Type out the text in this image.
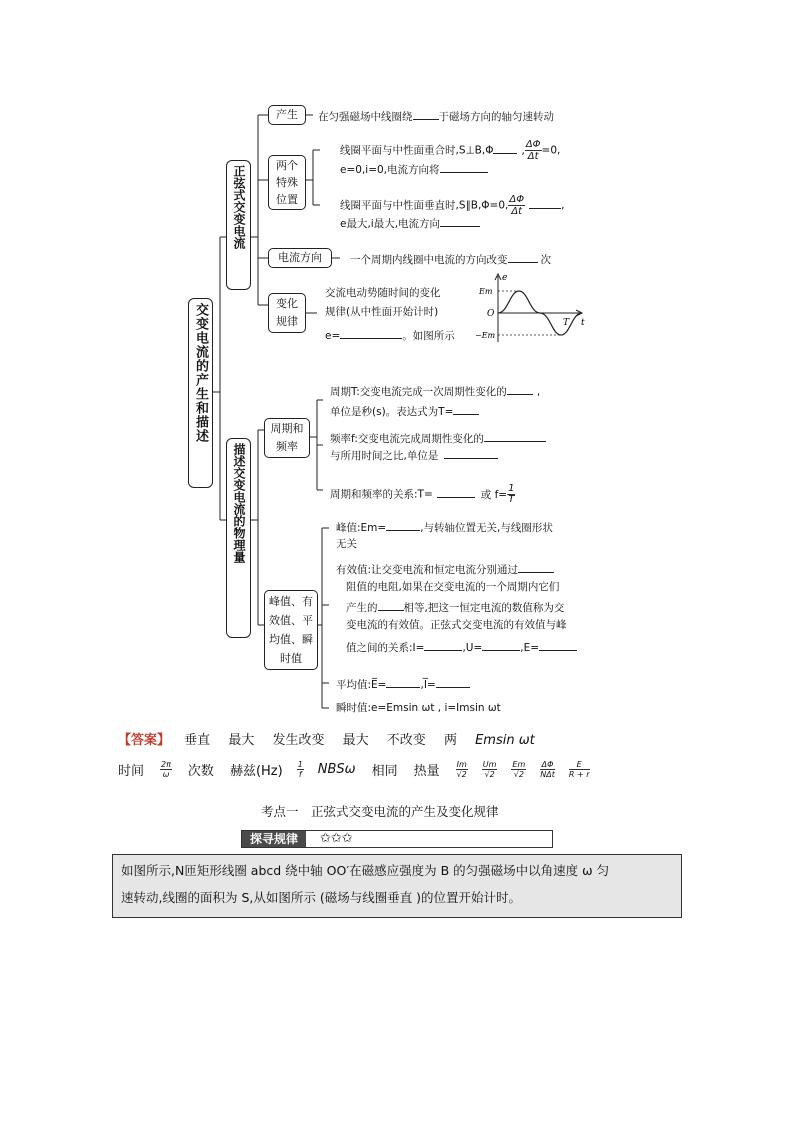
交变电流的产生和描述
正弦式交变电流
描述交变电流的物理量
产生
两个特殊位置
电流方向
变化规律
在匀强磁场中线圈绕 于磁场方向的轴匀速转动
线圈平面与中性面重合时,S⊥B,Φ	, $\frac{\Delta\Phi}{\Delta t} =0$,
e=0,i=0,电流方向将
线圈平面与中性面垂直时,S∥B,Φ=0, $\frac{\Delta\Phi}{\Delta t}$	,
e最大,i最大,电流方向
一个周期内线圈中电流的方向改变	次
交流电动势随时间的变化
规律(从中性面开始计时)
e=	。如图所示
e
Em
O
−Em
T t
周期和频率
峰值、有效值、平均值、瞬时值
周期T:交变电流完成一次周期性变化的	,
单位是秒(s)。表达式为T=
频率f:交变电流完成周期性变化的
与所用时间之比,单位是
周期和频率的关系:T=	或 $f= \frac{1}{T}$
峰值:Em=	,与转轴位置无关,与线圈形状
无关
有效值:让交变电流和恒定电流分别通过
阻值的电阻,如果在交变电流的一个周期内它们
产生的 相等,把这一恒定电流的数值称为交
变电流的有效值。正弦式交变电流的有效值与峰
值之间的关系:I=	,U=	,E=
平均值:E̅=	,I̅=
瞬时值:e=Emsin ωt , i=Imsin ωt
【答案】 垂直 最大 发生改变 最大 不改变 两 Emsin ωt
时间 $\frac{2\pi}{\omega}$ 次数 赫兹$(Hz) \frac{1}{f}$ NBSω 相同 热量 $\frac{Im}{√2} \frac{Um}{√2} \frac{Em}{√2} \frac{\Delta\Phi}{\text{NΔt}} \frac{E}{R + r}$
考点一　正弦式交变电流的产生及变化规律
探寻规律	✩✩✩
如图所示,N匝矩形线圈 abcd 绕中轴 OO′在磁感应强度为 B 的匀强磁场中以角速度 ω 匀
速转动,线圈的面积为 S,从如图所示 (磁场与线圈垂直 )的位置开始计时。
